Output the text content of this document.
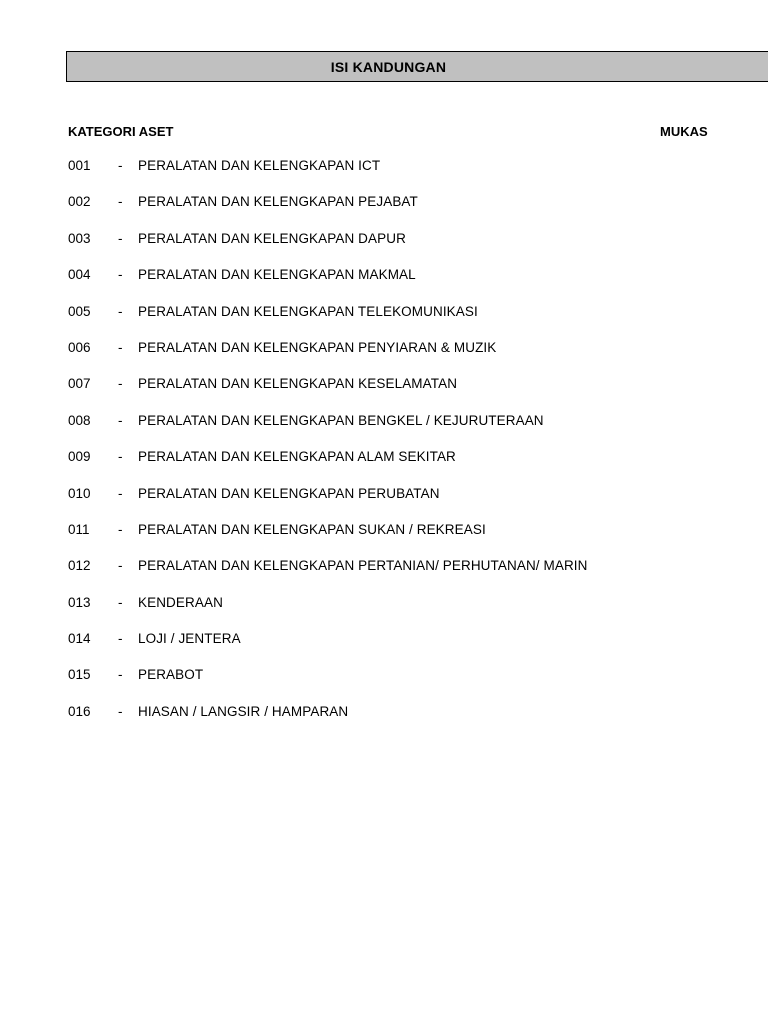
ISI KANDUNGAN
KATEGORI ASET	MUKAS
001 - PERALATAN DAN KELENGKAPAN ICT
002 - PERALATAN DAN KELENGKAPAN PEJABAT
003 - PERALATAN DAN KELENGKAPAN DAPUR
004 - PERALATAN DAN KELENGKAPAN MAKMAL
005 - PERALATAN DAN KELENGKAPAN TELEKOMUNIKASI
006 - PERALATAN DAN KELENGKAPAN PENYIARAN & MUZIK
007 - PERALATAN DAN KELENGKAPAN KESELAMATAN
008 - PERALATAN DAN KELENGKAPAN BENGKEL / KEJURUTERAAN
009 - PERALATAN DAN KELENGKAPAN ALAM SEKITAR
010 - PERALATAN DAN KELENGKAPAN PERUBATAN
011 - PERALATAN DAN KELENGKAPAN SUKAN / REKREASI
012 - PERALATAN DAN KELENGKAPAN PERTANIAN/ PERHUTANAN/ MARIN
013 - KENDERAAN
014 - LOJI / JENTERA
015 - PERABOT
016 - HIASAN / LANGSIR / HAMPARAN
